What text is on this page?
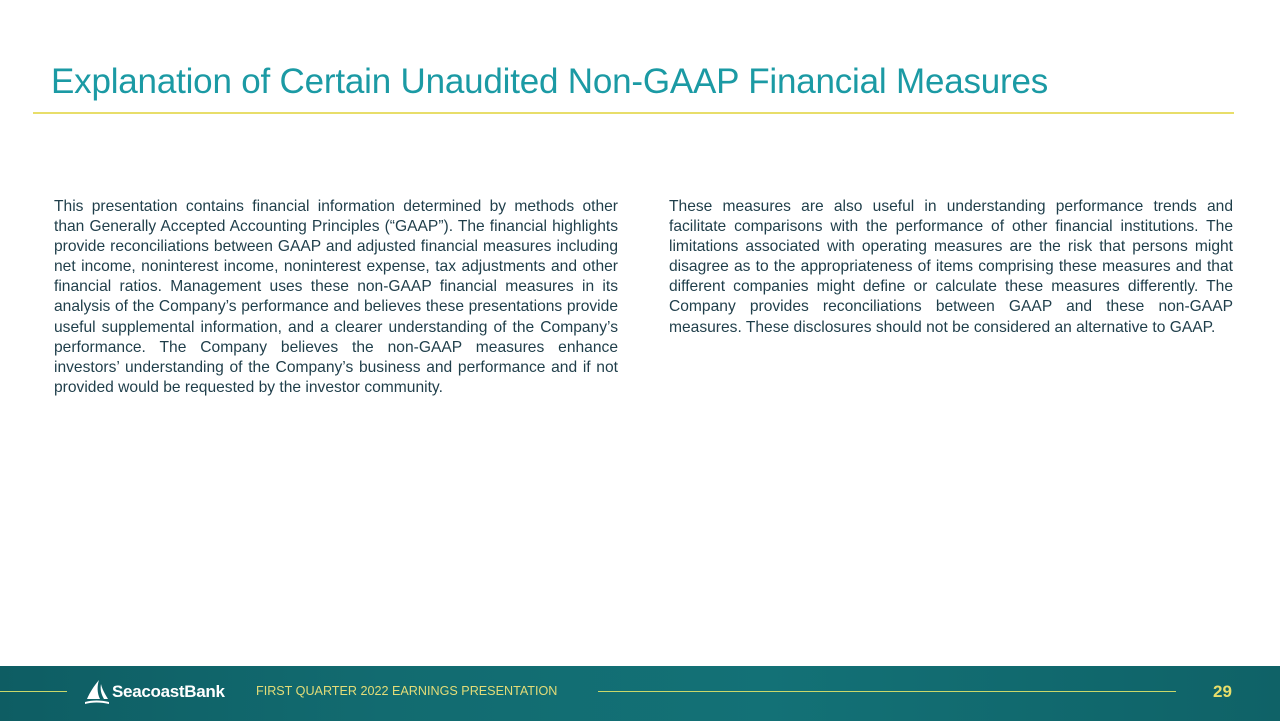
Explanation of Certain Unaudited Non-GAAP Financial Measures

This presentation contains financial information determined by methods other than Generally Accepted Accounting Principles (“GAAP”). The financial highlights provide reconciliations between GAAP and adjusted financial measures including net income, noninterest income, noninterest expense, tax adjustments and other financial ratios. Management uses these non-GAAP financial measures in its analysis of the Company’s performance and believes these presentations provide useful supplemental information, and a clearer understanding of the Company’s performance. The Company believes the non-GAAP measures enhance investors’ understanding of the Company’s business and performance and if not provided would be requested by the investor community.

These measures are also useful in understanding performance trends and facilitate comparisons with the performance of other financial institutions. The limitations associated with operating measures are the risk that persons might disagree as to the appropriateness of items comprising these measures and that different companies might define or calculate these measures differently. The Company provides reconciliations between GAAP and these non-GAAP measures. These disclosures should not be considered an alternative to GAAP.

SeacoastBank FIRST QUARTER 2022 EARNINGS PRESENTATION	29
